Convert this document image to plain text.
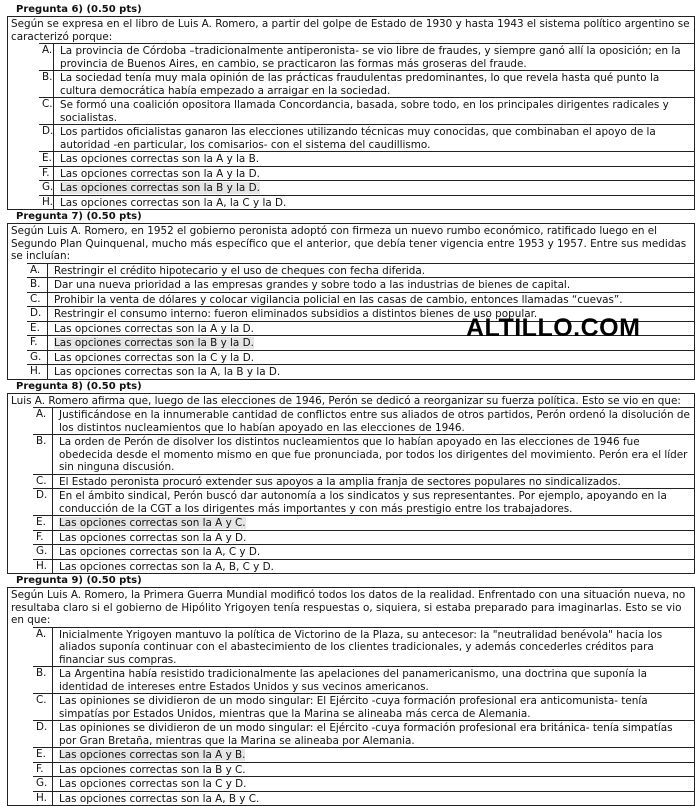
Pregunta 6) (0.50 pts)
Según se expresa en el libro de Luis A. Romero, a partir del golpe de Estado de 1930 y hasta 1943 el sistema político argentino se caracterizó porque:
A. La provincia de Córdoba –tradicionalmente antiperonista- se vio libre de fraudes, y siempre ganó allí la oposición; en la provincia de Buenos Aires, en cambio, se practicaron las formas más groseras del fraude.
B. La sociedad tenía muy mala opinión de las prácticas fraudulentas predominantes, lo que revela hasta qué punto la cultura democrática había empezado a arraigar en la sociedad.
C. Se formó una coalición opositora llamada Concordancia, basada, sobre todo, en los principales dirigentes radicales y socialistas.
D. Los partidos oficialistas ganaron las elecciones utilizando técnicas muy conocidas, que combinaban el apoyo de la autoridad -en particular, los comisarios- con el sistema del caudillismo.
E. Las opciones correctas son la A y la B.
F. Las opciones correctas son la A y la D.
G. Las opciones correctas son la B y la D.
H. Las opciones correctas son la A, la C y la D.
Pregunta 7) (0.50 pts)
Según Luis A. Romero, en 1952 el gobierno peronista adoptó con firmeza un nuevo rumbo económico, ratificado luego en el Segundo Plan Quinquenal, mucho más específico que el anterior, que debía tener vigencia entre 1953 y 1957. Entre sus medidas se incluían:
A.	Restringir el crédito hipotecario y el uso de cheques con fecha diferida.
B.	Dar una nueva prioridad a las empresas grandes y sobre todo a las industrias de bienes de capital.
C.	Prohibir la venta de dólares y colocar vigilancia policial en las casas de cambio, entonces llamadas “cuevas”.
D.	Restringir el consumo interno: fueron eliminados subsidios a distintos bienes de uso popular.
E.	Las opciones correctas son la A y la D.
F.	Las opciones correctas son la B y la D.
G.	Las opciones correctas son la C y la D.
H.	Las opciones correctas son la A, la B y la D.
Pregunta 8) (0.50 pts)
Luis A. Romero afirma que, luego de las elecciones de 1946, Perón se dedicó a reorganizar su fuerza política. Esto se vio en que:
A.	Justificándose en la innumerable cantidad de conflictos entre sus aliados de otros partidos, Perón ordenó la disolución de los distintos nucleamientos que lo habían apoyado en las elecciones de 1946.
B.	La orden de Perón de disolver los distintos nucleamientos que lo habían apoyado en las elecciones de 1946 fue obedecida desde el momento mismo en que fue pronunciada, por todos los dirigentes del movimiento. Perón era el líder sin ninguna discusión.
C.	El Estado peronista procuró extender sus apoyos a la amplia franja de sectores populares no sindicalizados.
D.	En el ámbito sindical, Perón buscó dar autonomía a los sindicatos y sus representantes. Por ejemplo, apoyando en la conducción de la CGT a los dirigentes más importantes y con más prestigio entre los trabajadores.
E.	Las opciones correctas son la A y C.
F.	Las opciones correctas son la A y D.
G.	Las opciones correctas son la A, C y D.
H.	Las opciones correctas son la A, B, C y D.
Pregunta 9) (0.50 pts)
Según Luis A. Romero, la Primera Guerra Mundial modificó todos los datos de la realidad. Enfrentado con una situación nueva, no resultaba claro si el gobierno de Hipólito Yrigoyen tenía respuestas o, siquiera, si estaba preparado para imaginarlas. Esto se vio en que:
A.	Inicialmente Yrigoyen mantuvo la política de Victorino de la Plaza, su antecesor: la "neutralidad benévola" hacia los aliados suponía continuar con el abastecimiento de los clientes tradicionales, y además concederles créditos para financiar sus compras.
B.	La Argentina había resistido tradicionalmente las apelaciones del panamericanismo, una doctrina que suponía la identidad de intereses entre Estados Unidos y sus vecinos americanos.
C.	Las opiniones se dividieron de un modo singular: El Ejército -cuya formación profesional era anticomunista- tenía simpatías por Estados Unidos, mientras que la Marina se alineaba más cerca de Alemania.
D.	Las opiniones se dividieron de un modo singular: el Ejército -cuya formación profesional era británica- tenía simpatías por Gran Bretaña, mientras que la Marina se alineaba por Alemania.
E.	Las opciones correctas son la A y B.
F.	Las opciones correctas son la B y C.
G.	Las opciones correctas son la C y D.
H.	Las opciones correctas son la A, B y C.
ALTILLO.COM
